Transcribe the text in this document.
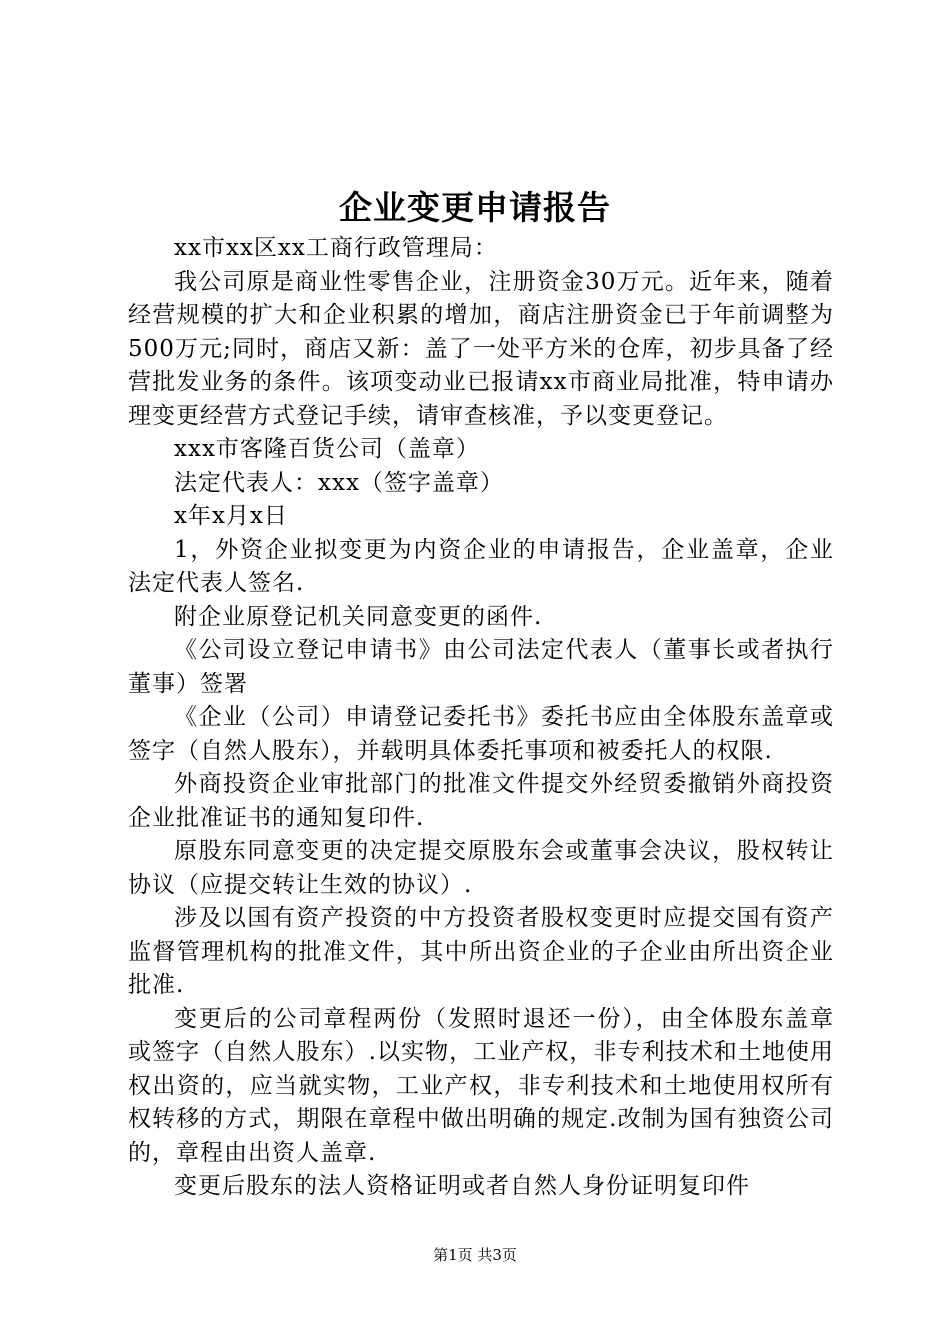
企业变更申请报告

xx市xx区xx工商行政管理局：

我公司原是商业性零售企业，注册资金30万元。近年来，随着经营规模的扩大和企业积累的增加，商店注册资金已于年前调整为500万元;同时，商店又新：盖了一处平方米的仓库，初步具备了经营批发业务的条件。该项变动业已报请xx市商业局批准，特申请办理变更经营方式登记手续，请审查核准，予以变更登记。

xxx市客隆百货公司（盖章）

法定代表人：xxx（签字盖章）

x年x月x日

1，外资企业拟变更为内资企业的申请报告，企业盖章，企业法定代表人签名.

附企业原登记机关同意变更的函件.

《公司设立登记申请书》由公司法定代表人（董事长或者执行董事）签署

《企业（公司）申请登记委托书》委托书应由全体股东盖章或签字（自然人股东），并载明具体委托事项和被委托人的权限.

外商投资企业审批部门的批准文件提交外经贸委撤销外商投资企业批准证书的通知复印件.

原股东同意变更的决定提交原股东会或董事会决议，股权转让协议（应提交转让生效的协议）.

涉及以国有资产投资的中方投资者股权变更时应提交国有资产监督管理机构的批准文件，其中所出资企业的子企业由所出资企业批准.

变更后的公司章程两份（发照时退还一份），由全体股东盖章或签字（自然人股东）.以实物，工业产权，非专利技术和土地使用权出资的，应当就实物，工业产权，非专利技术和土地使用权所有权转移的方式，期限在章程中做出明确的规定.改制为国有独资公司的，章程由出资人盖章.

变更后股东的法人资格证明或者自然人身份证明复印件

第1页 共3页
